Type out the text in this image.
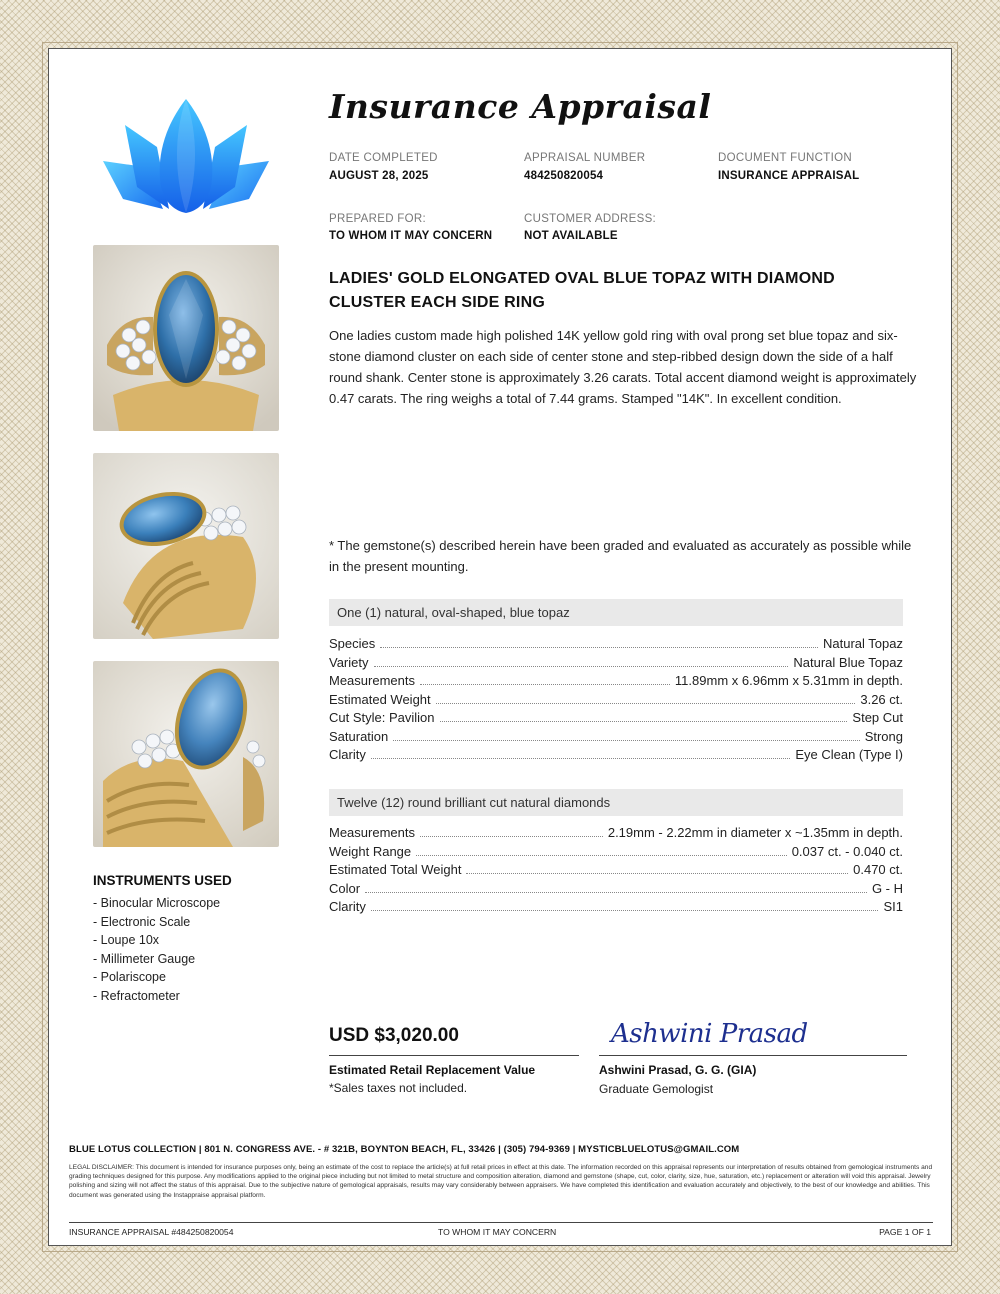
Insurance Appraisal
DATE COMPLETED
AUGUST 28, 2025
APPRAISAL NUMBER
484250820054
DOCUMENT FUNCTION
INSURANCE APPRAISAL
PREPARED FOR:
TO WHOM IT MAY CONCERN
CUSTOMER ADDRESS:
NOT AVAILABLE
LADIES' GOLD ELONGATED OVAL BLUE TOPAZ WITH DIAMOND CLUSTER EACH SIDE RING
One ladies custom made high polished 14K yellow gold ring with oval prong set blue topaz and six-stone diamond cluster on each side of center stone and step-ribbed design down the side of a half round shank. Center stone is approximately 3.26 carats. Total accent diamond weight is approximately 0.47 carats. The ring weighs a total of 7.44 grams. Stamped "14K". In excellent condition.
* The gemstone(s) described herein have been graded and evaluated as accurately as possible while in the present mounting.
One (1) natural, oval-shaped, blue topaz
Species	Natural Topaz
Variety	Natural Blue Topaz
Measurements	11.89mm x 6.96mm x 5.31mm in depth.
Estimated Weight	3.26 ct.
Cut Style: Pavilion	Step Cut
Saturation	Strong
Clarity	Eye Clean (Type I)
Twelve (12) round brilliant cut natural diamonds
Measurements	2.19mm - 2.22mm in diameter x ~1.35mm in depth.
Weight Range	0.037 ct. - 0.040 ct.
Estimated Total Weight	0.470 ct.
Color	G - H
Clarity	SI1
INSTRUMENTS USED
- Binocular Microscope
- Electronic Scale
- Loupe 10x
- Millimeter Gauge
- Polariscope
- Refractometer
USD $3,020.00
Estimated Retail Replacement Value
*Sales taxes not included.
Ashwini Prasad
Ashwini Prasad, G. G. (GIA)
Graduate Gemologist
BLUE LOTUS COLLECTION | 801 N. CONGRESS AVE. - # 321B, BOYNTON BEACH, FL, 33426 | (305) 794-9369 | MYSTICBLUELOTUS@GMAIL.COM
LEGAL DISCLAIMER: This document is intended for insurance purposes only, being an estimate of the cost to replace the article(s) at full retail prices in effect at this date. The information recorded on this appraisal represents our interpretation of results obtained from gemological instruments and grading techniques designed for this purpose. Any modifications applied to the original piece including but not limited to metal structure and composition alteration, diamond and gemstone (shape, cut, color, clarity, size, hue, saturation, etc.) replacement or alteration will void this appraisal. Jewelry polishing and sizing will not affect the status of this appraisal. Due to the subjective nature of gemological appraisals, results may vary considerably between appraisers. We have completed this identification and evaluation accurately and objectively, to the best of our knowledge and abilities. This document was generated using the Instappraise appraisal platform.
INSURANCE APPRAISAL #484250820054	TO WHOM IT MAY CONCERN	PAGE 1 OF 1
